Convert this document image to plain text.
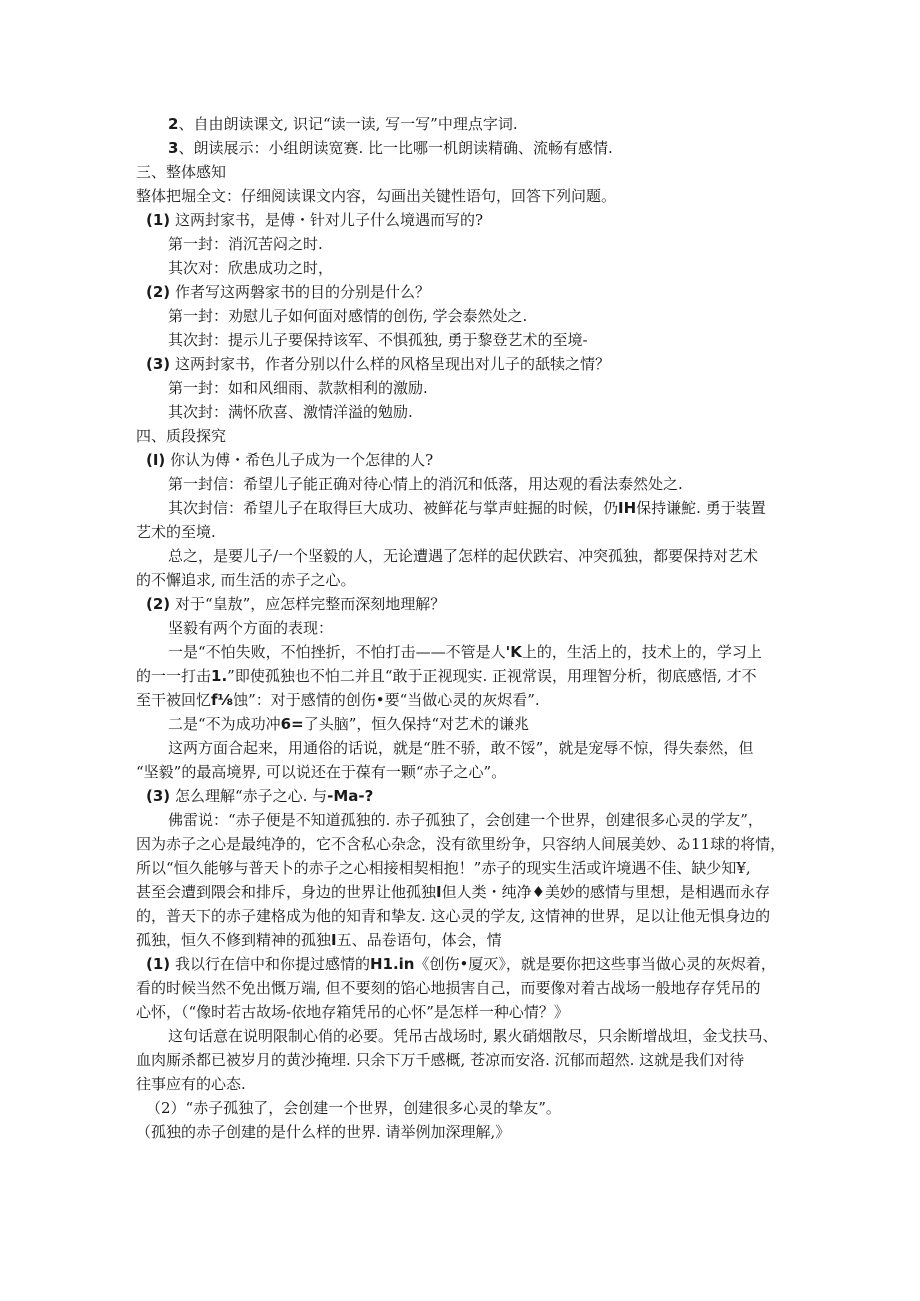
2、自由朗读课文, 识记“读一读, 写一写”中理点字词.
3、朗读展示：小组朗读宽赛. 比一比哪一机朗读精确、流畅有感情.
三、整体感知
整体把堀全文：仔细阅读课文内容，勾画出关键性语句，回答下列问题。
(1) 这两封家书，是傅・针对儿子什么境遇而写的?
第一封：消沉苦闷之时.
其次对：欣患成功之时，
(2) 作者写这两磐家书的目的分别是什么？
第一封：劝慰儿子如何面对感情的创伤, 学会泰然处之.
其次封：提示儿子要保持该军、不惧孤独, 勇于黎登艺术的至境-
(3) 这两封家书，作者分别以什么样的风格呈现出对儿子的舐犊之情？
第一封：如和风细雨、款款相利的激励.
其次封：满怀欣喜、激情洋溢的勉励.
四、质段探究
(I) 你认为傅・希色儿子成为一个怎律的人?
第一封信：希望儿子能正确对待心情上的消沉和低落，用达观的看法泰然处之.
其次封信：希望儿子在取得巨大成功、被鲜花与掌声蛀掘的时候，仍IH保持谦鮀. 勇于装置
艺术的至境.
总之，是要儿子/一个坚毅的人，无论遭遇了怎样的起伏跌宕、冲突孤独，都要保持对艺术
的不懈追求, 而生活的赤子之心。
(2) 对于“皇敖”，应怎样完整而深刻地理解？
坚毅有两个方面的表现：
一是“不怕失败，不怕挫折，不怕打击——不管是人'K上的，生活上的，技术上的，学习上
的一一打击1.”即使孤独也不怕二并且“敢于正视现实. 正视常误，用理智分析，彻底感悟, 才不
至干被回忆f⅛蚀”：对于感情的创伤•要“当做心灵的灰烬看”.
二是“不为成功冲6=了头脑”，恒久保持“对艺术的谦兆
这两方面合起来，用通俗的话说，就是“胜不骄，敢不馁”，就是宠辱不惊，得失泰然，但
“坚毅”的最高境界, 可以说还在于葆有一颗“赤子之心”。
(3) 怎么理解“赤子之心. 与-Ma-?
佛雷说：“赤子便是不知道孤独的. 赤子孤独了，会创建一个世界，创建很多心灵的学友”，
因为赤子之心是最纯净的，它不含私心杂念，没有欲里纷争，只容纳人间展美妙、ゐ11球的将情，
所以“恒久能够与普天卜的赤子之心相接相契相抱！”赤子的现实生活或许境遇不佳、缺少知¥,
甚至会遭到隈会和排斥，身边的世界让他孤独I但人类・纯净♦美妙的感情与里想，是相遇而永存
的，普天下的赤子建格成为他的知青和挚友. 这心灵的学友, 这情神的世界，足以让他无惧身边的
孤独，恒久不修到精神的孤独I五、品卷语句，体会，情
(1) 我以行在信中和你提过感情的H1.in《创伤•厦灭》，就是要你把这些事当做心灵的灰烬着，
看的时候当然不免出慨万端, 但不要刻的馅心地损害自己，而要像对着古战场一般地存存凭吊的
心怀，（“像时若古故场-依地存箱凭吊的心怀”是怎样一种心情？》
这句话意在说明限制心俏的必要。凭吊古战场时, 累火硝烟散尽，只余断增战坦，金戈扶马、
血肉厮杀都已被岁月的黄沙掩埋. 只余下万千感概, 苍凉而安洛. 沉郁而超然. 这就是我们对待
往事应有的心态.
（2）“赤子孤独了，会创建一个世界，创建很多心灵的挚友”。
（孤独的赤子创建的是什么样的世界. 请举例加深理解,》
